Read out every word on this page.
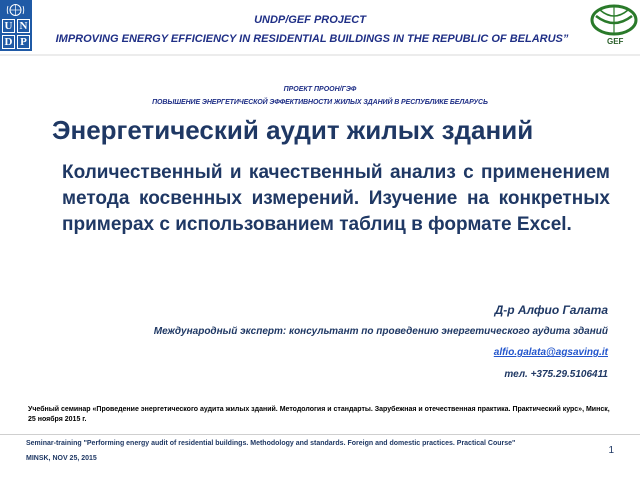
U N
D P
UNDP/GEF PROJECT
IMPROVING ENERGY EFFICIENCY IN RESIDENTIAL BUILDINGS IN THE REPUBLIC OF BELARUS”	GEF
ПРОЕКТ ПРООН/ГЭФ
ПОВЫШЕНИЕ ЭНЕРГЕТИЧЕСКОЙ ЭФФЕКТИВНОСТИ ЖИЛЫХ ЗДАНИЙ В РЕСПУБЛИКЕ БЕЛАРУСЬ
Энергетический аудит жилых зданий
Количественный и качественный анализ с применением метода косвенных измерений. Изучение на конкретных примерах с использованием таблиц в формате Excel.
Д-р Алфио Галата
Международный эксперт: консультант по проведению энергетического аудита зданий
alfio.galata@agsaving.it
тел. +375.29.5106411
Учебный семинар «Проведение энергетического аудита жилых зданий. Методология и стандарты. Зарубежная и отечественная практика. Практический курс», Минск, 25 ноября 2015 г.
Seminar-training "Performing energy audit of residential buildings. Methodology and standards. Foreign and domestic practices. Practical Course"
MINSK, NOV 25, 2015
1
